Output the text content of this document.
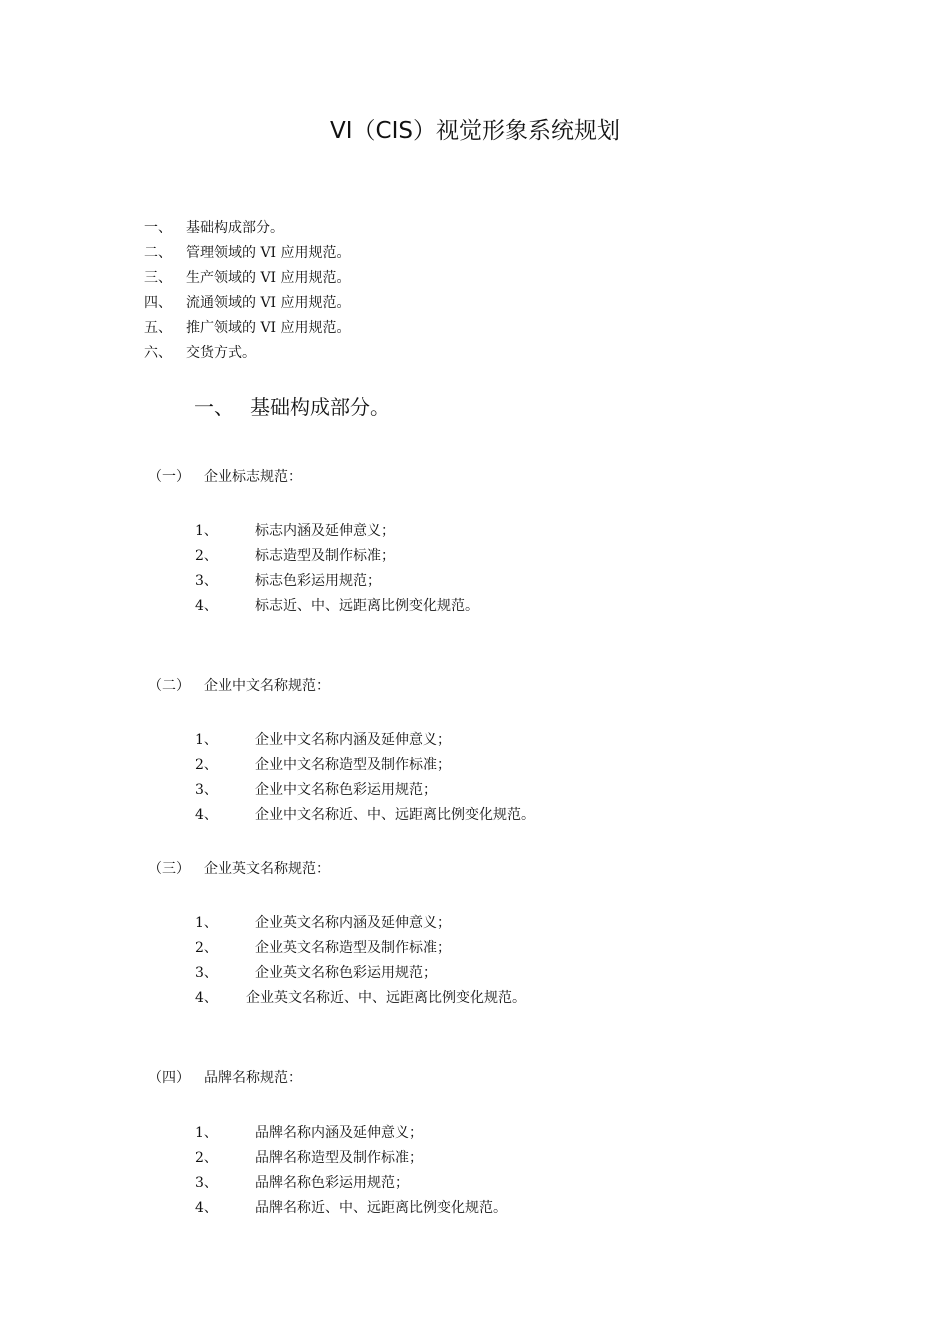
VI（CIS）视觉形象系统规划
一、 基础构成部分。
二、 管理领域的 VI 应用规范。
三、 生产领域的 VI 应用规范。
四、 流通领域的 VI 应用规范。
五、 推广领域的 VI 应用规范。
六、 交货方式。
一、 基础构成部分。
（一） 企业标志规范：
1、	标志内涵及延伸意义；
2、	标志造型及制作标准；
3、	标志色彩运用规范；
4、	标志近、中、远距离比例变化规范。
（二） 企业中文名称规范：
1、	企业中文名称内涵及延伸意义；
2、	企业中文名称造型及制作标准；
3、	企业中文名称色彩运用规范；
4、	企业中文名称近、中、远距离比例变化规范。
（三） 企业英文名称规范：
1、	企业英文名称内涵及延伸意义；
2、	企业英文名称造型及制作标准；
3、	企业英文名称色彩运用规范；
4、 企业英文名称近、中、远距离比例变化规范。
（四） 品牌名称规范：
1、	品牌名称内涵及延伸意义；
2、	品牌名称造型及制作标准；
3、	品牌名称色彩运用规范；
4、	品牌名称近、中、远距离比例变化规范。
